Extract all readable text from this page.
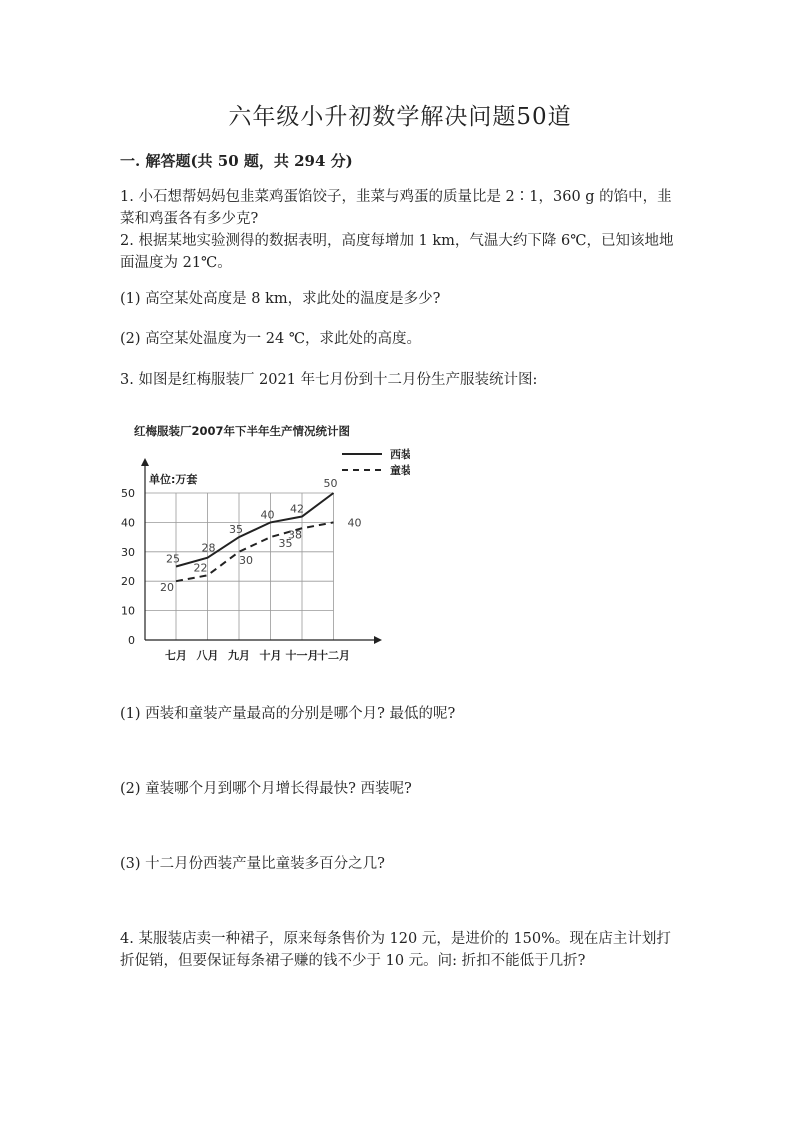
六年级小升初数学解决问题50道
一. 解答题(共 50 题，共 294 分)
1. 小石想帮妈妈包韭菜鸡蛋馅饺子，韭菜与鸡蛋的质量比是 2∶1，360 g 的馅中，韭菜和鸡蛋各有多少克?
2. 根据某地实验测得的数据表明，高度每增加 1 km，气温大约下降 6℃，已知该地地面温度为 21℃。
(1) 高空某处高度是 8 km，求此处的温度是多少?
(2) 高空某处温度为一 24 ℃，求此处的高度。
3. 如图是红梅服装厂 2021 年七月份到十二月份生产服装统计图:
红梅服装厂2007年下半年生产情况统计图
单位:万套
0
10
20
30
40
50
七月 八月 九月 十月 十一月
十二月
西装
童装
25
28
35
40 42
50
20
22
30
35
38
40
(1) 西装和童装产量最高的分别是哪个月? 最低的呢?
(2) 童装哪个月到哪个月增长得最快? 西装呢?
(3) 十二月份西装产量比童装多百分之几?
4. 某服装店卖一种裙子，原来每条售价为 120 元，是进价的 150%。现在店主计划打折促销，但要保证每条裙子赚的钱不少于 10 元。问: 折扣不能低于几折?
